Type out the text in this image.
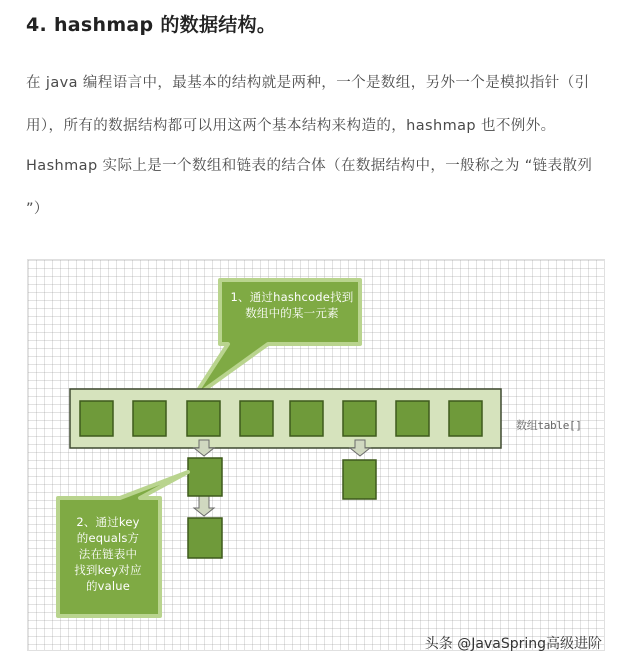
4. hashmap 的数据结构。

在 java 编程语言中，最基本的结构就是两种，一个是数组，另外一个是模拟指针（引用），所有的数据结构都可以用这两个基本结构来构造的，hashmap 也不例外。

Hashmap 实际上是一个数组和链表的结合体（在数据结构中，一般称之为 “链表散列 ”）

1、通过hashcode找到
数组中的某一元素
2、通过key
的equals方
法在链表中
找到key对应
的value
数组table[]
头条 @JavaSpring高级进阶
